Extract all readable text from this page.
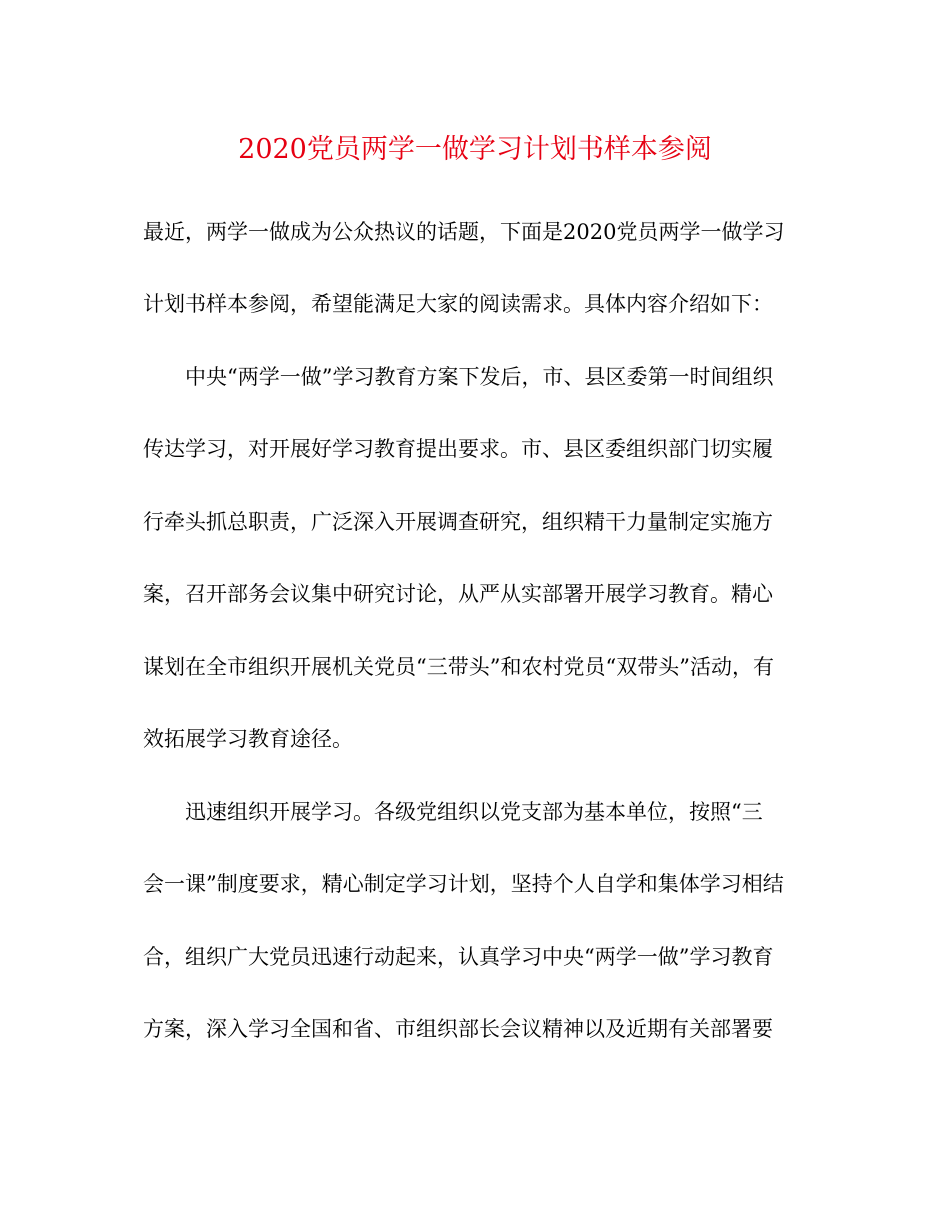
2020党员两学一做学习计划书样本参阅
最近，两学一做成为公众热议的话题，下面是2020党员两学一做学习
计划书样本参阅，希望能满足大家的阅读需求。具体内容介绍如下：
中央“两学一做”学习教育方案下发后，市、县区委第一时间组织
传达学习，对开展好学习教育提出要求。市、县区委组织部门切实履
行牵头抓总职责，广泛深入开展调查研究，组织精干力量制定实施方
案，召开部务会议集中研究讨论，从严从实部署开展学习教育。精心
谋划在全市组织开展机关党员“三带头”和农村党员“双带头”活动，有
效拓展学习教育途径。
迅速组织开展学习。各级党组织以党支部为基本单位，按照“三
会一课”制度要求，精心制定学习计划，坚持个人自学和集体学习相结
合，组织广大党员迅速行动起来，认真学习中央“两学一做”学习教育
方案，深入学习全国和省、市组织部长会议精神以及近期有关部署要
